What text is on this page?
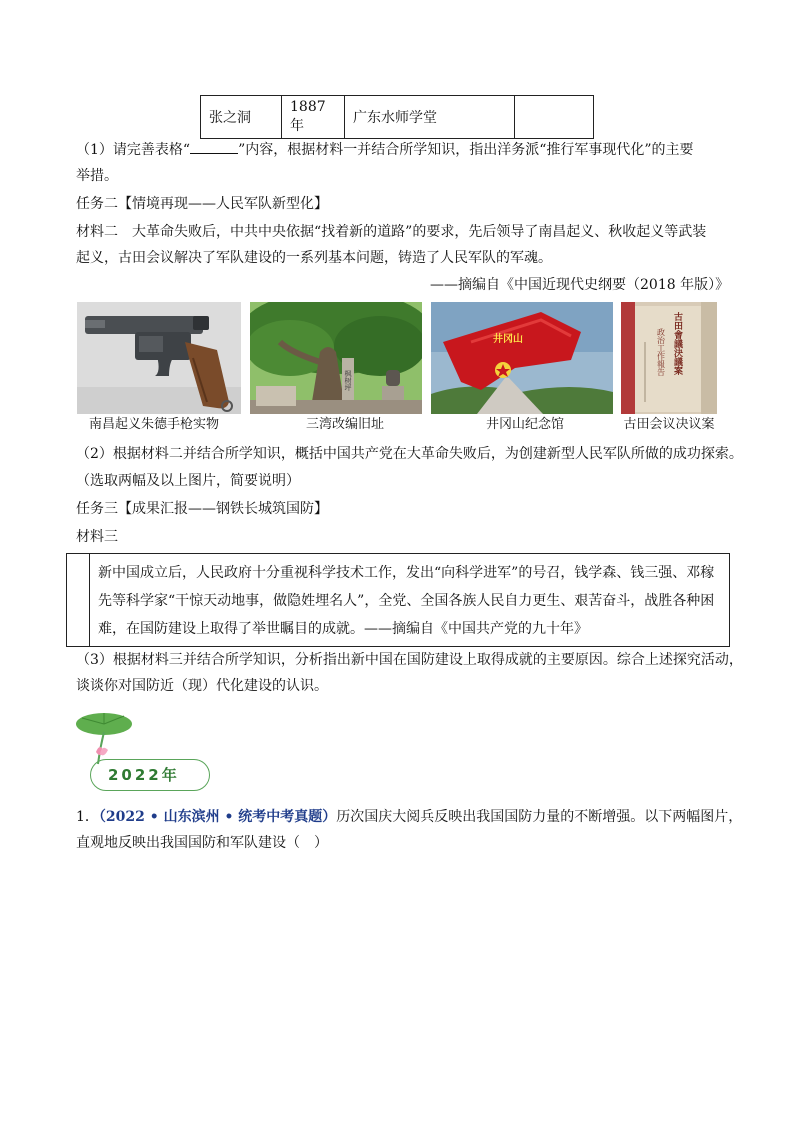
张之洞	1887 年	广东水师学堂	
（1）请完善表格“	”内容，根据材料一并结合所学知识，指出洋务派“推行军事现代化”的主要
举措。
任务二【情境再现——人民军队新型化】
材料二　大革命失败后，中共中央依据“找着新的道路”的要求，先后领导了南昌起义、秋收起义等武装
起义，古田会议解决了军队建设的一系列基本问题，铸造了人民军队的军魂。
——摘编自《中国近现代史纲要（2018 年版）》
南昌起义朱德手枪实物
枫树坪
三湾改编旧址
井冈山
井冈山纪念馆
古田會議決議案
政治工作報告
古田会议决议案
（2）根据材料二并结合所学知识，概括中国共产党在大革命失败后，为创建新型人民军队所做的成功探索。
（选取两幅及以上图片，简要说明）
任务三【成果汇报——钢铁长城筑国防】
材料三
新中国成立后，人民政府十分重视科学技术工作，发出“向科学进军”的号召，钱学森、钱三强、邓稼
先等科学家“干惊天动地事，做隐姓埋名人”，全党、全国各族人民自力更生、艰苦奋斗，战胜各种困
难，在国防建设上取得了举世瞩目的成就。——摘编自《中国共产党的九十年》
（3）根据材料三并结合所学知识，分析指出新中国在国防建设上取得成就的主要原因。综合上述探究活动，
谈谈你对国防近（现）代化建设的认识。
2022年
1．（2022 • 山东滨州 • 统考中考真题）历次国庆大阅兵反映出我国国防力量的不断增强。以下两幅图片，
直观地反映出我国国防和军队建设（　）
